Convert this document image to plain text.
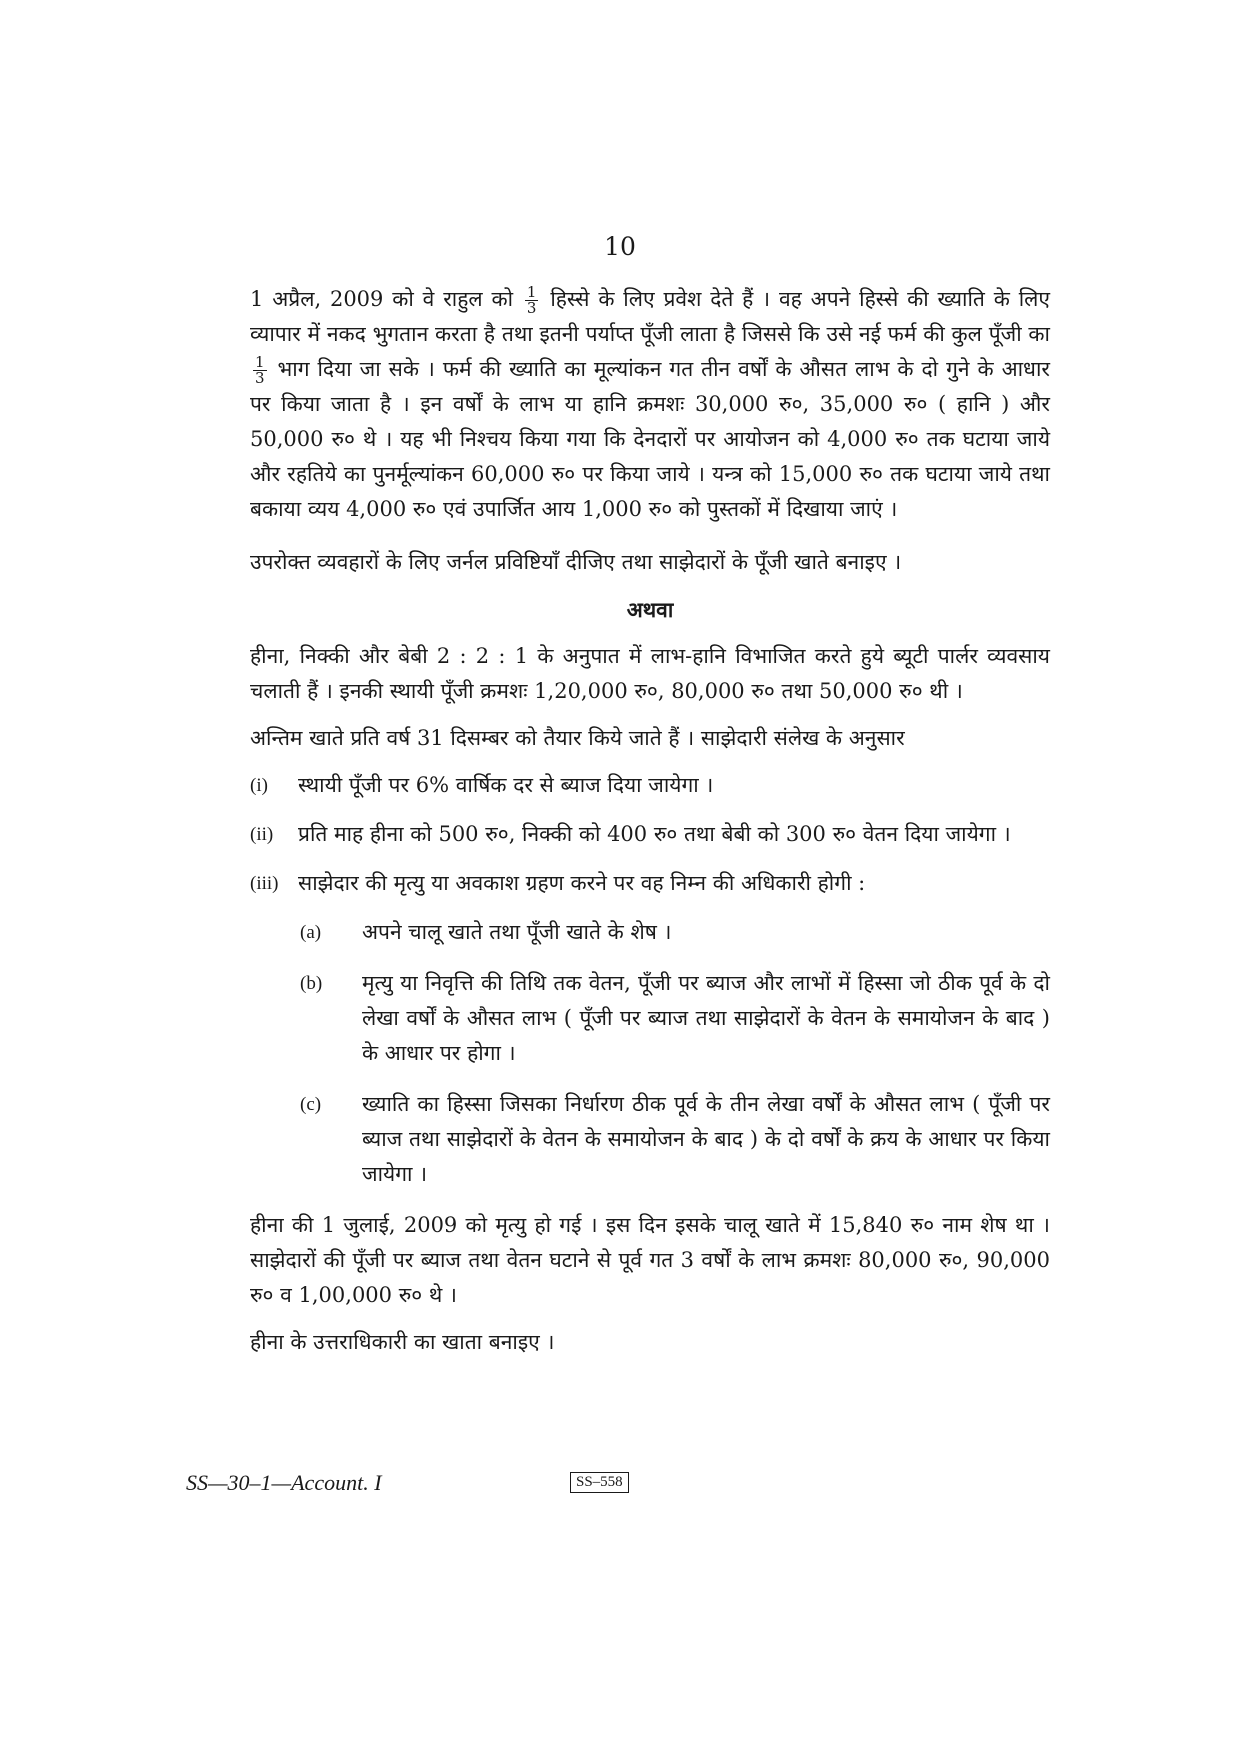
10

1 अप्रैल, 2009 को वे राहुल को $\frac{1}{3}$ हिस्से के लिए प्रवेश देते हैं । वह अपने हिस्से की ख्याति के लिए व्यापार में नकद भुगतान करता है तथा इतनी पर्याप्त पूँजी लाता है जिससे कि उसे नई फर्म की कुल पूँजी का
$\frac{1}{3}$ भाग दिया जा सके । फर्म की ख्याति का मूल्यांकन गत तीन वर्षों के औसत लाभ के दो गुने के आधार पर किया जाता है । इन वर्षों के लाभ या हानि क्रमशः 30,000 रु०, 35,000 रु० ( हानि ) और 50,000 रु० थे । यह भी निश्चय किया गया कि देनदारों पर आयोजन को 4,000 रु० तक घटाया जाये और रहतिये का पुनर्मूल्यांकन 60,000 रु० पर किया जाये । यन्त्र को 15,000 रु० तक घटाया जाये तथा बकाया व्यय 4,000 रु० एवं उपार्जित आय 1,000 रु० को पुस्तकों में दिखाया जाएं ।

उपरोक्त व्यवहारों के लिए जर्नल प्रविष्टियाँ दीजिए तथा साझेदारों के पूँजी खाते बनाइए ।

अथवा

हीना, निक्की और बेबी 2 : 2 : 1 के अनुपात में लाभ-हानि विभाजित करते हुये ब्यूटी पार्लर व्यवसाय चलाती हैं । इनकी स्थायी पूँजी क्रमशः 1,20,000 रु०, 80,000 रु० तथा 50,000 रु० थी ।

अन्तिम खाते प्रति वर्ष 31 दिसम्बर को तैयार किये जाते हैं । साझेदारी संलेख के अनुसार

(i)	स्थायी पूँजी पर 6% वार्षिक दर से ब्याज दिया जायेगा ।
(ii)	प्रति माह हीना को 500 रु०, निक्की को 400 रु० तथा बेबी को 300 रु० वेतन दिया जायेगा ।
(iii) साझेदार की मृत्यु या अवकाश ग्रहण करने पर वह निम्न की अधिकारी होगी :
(a)	अपने चालू खाते तथा पूँजी खाते के शेष ।
(b)	मृत्यु या निवृत्ति की तिथि तक वेतन, पूँजी पर ब्याज और लाभों में हिस्सा जो ठीक पूर्व के दो लेखा वर्षों के औसत लाभ ( पूँजी पर ब्याज तथा साझेदारों के वेतन के समायोजन के बाद ) के आधार पर होगा ।
(c)	ख्याति का हिस्सा जिसका निर्धारण ठीक पूर्व के तीन लेखा वर्षों के औसत लाभ ( पूँजी पर ब्याज तथा साझेदारों के वेतन के समायोजन के बाद ) के दो वर्षों के क्रय के आधार पर किया जायेगा ।

हीना की 1 जुलाई, 2009 को मृत्यु हो गई । इस दिन इसके चालू खाते में 15,840 रु० नाम शेष था । साझेदारों की पूँजी पर ब्याज तथा वेतन घटाने से पूर्व गत 3 वर्षों के लाभ क्रमशः 80,000 रु०, 90,000 रु० व 1,00,000 रु० थे ।

हीना के उत्तराधिकारी का खाता बनाइए ।

SS—30–1—Account. I	SS–558
